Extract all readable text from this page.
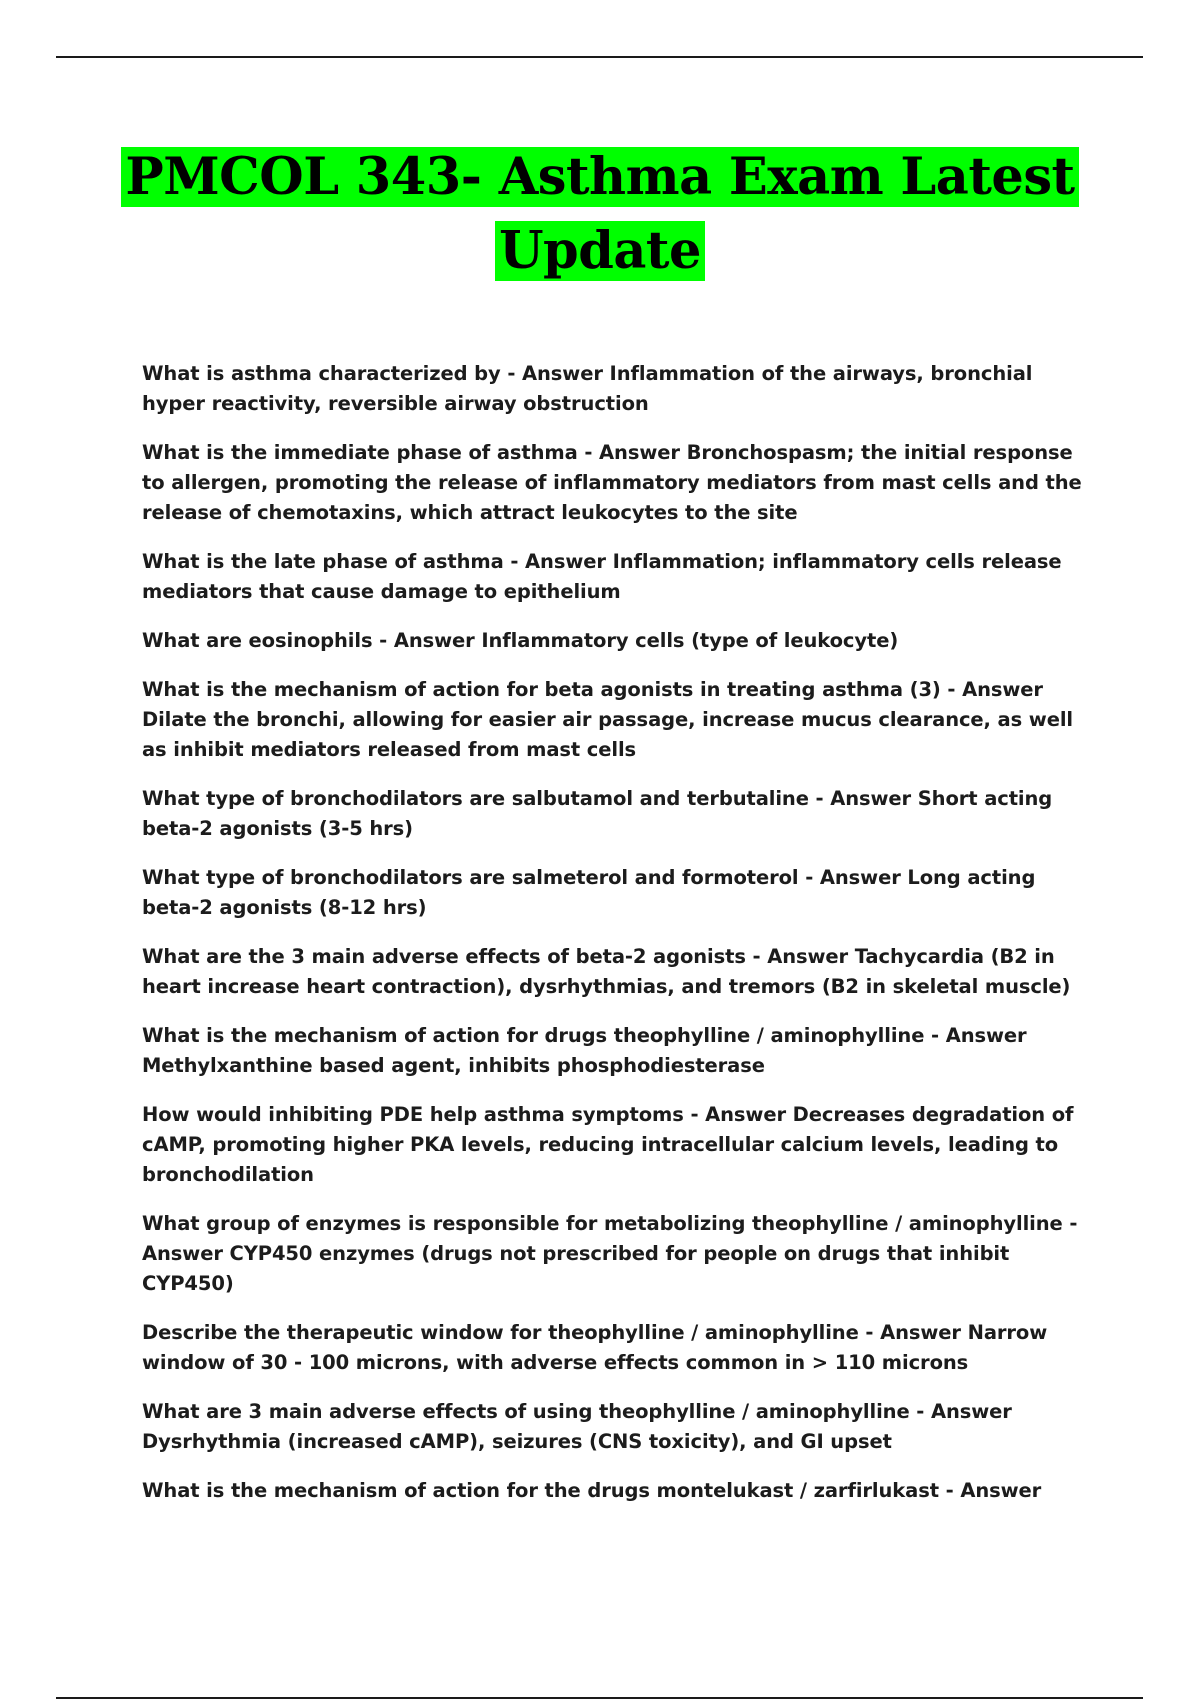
PMCOL 343- Asthma Exam Latest Update
What is asthma characterized by - Answer Inflammation of the airways, bronchial hyper reactivity, reversible airway obstruction
What is the immediate phase of asthma - Answer Bronchospasm; the initial response to allergen, promoting the release of inflammatory mediators from mast cells and the release of chemotaxins, which attract leukocytes to the site
What is the late phase of asthma - Answer Inflammation; inflammatory cells release mediators that cause damage to epithelium
What are eosinophils - Answer Inflammatory cells (type of leukocyte)
What is the mechanism of action for beta agonists in treating asthma (3) - Answer Dilate the bronchi, allowing for easier air passage, increase mucus clearance, as well as inhibit mediators released from mast cells
What type of bronchodilators are salbutamol and terbutaline - Answer Short acting beta-2 agonists (3-5 hrs)
What type of bronchodilators are salmeterol and formoterol - Answer Long acting beta-2 agonists (8-12 hrs)
What are the 3 main adverse effects of beta-2 agonists - Answer Tachycardia (B2 in heart increase heart contraction), dysrhythmias, and tremors (B2 in skeletal muscle)
What is the mechanism of action for drugs theophylline / aminophylline - Answer Methylxanthine based agent, inhibits phosphodiesterase
How would inhibiting PDE help asthma symptoms - Answer Decreases degradation of cAMP, promoting higher PKA levels, reducing intracellular calcium levels, leading to bronchodilation
What group of enzymes is responsible for metabolizing theophylline / aminophylline - Answer CYP450 enzymes (drugs not prescribed for people on drugs that inhibit CYP450)
Describe the therapeutic window for theophylline / aminophylline - Answer Narrow window of 30 - 100 microns, with adverse effects common in > 110 microns
What are 3 main adverse effects of using theophylline / aminophylline - Answer Dysrhythmia (increased cAMP), seizures (CNS toxicity), and GI upset
What is the mechanism of action for the drugs montelukast / zarfirlukast - Answer
